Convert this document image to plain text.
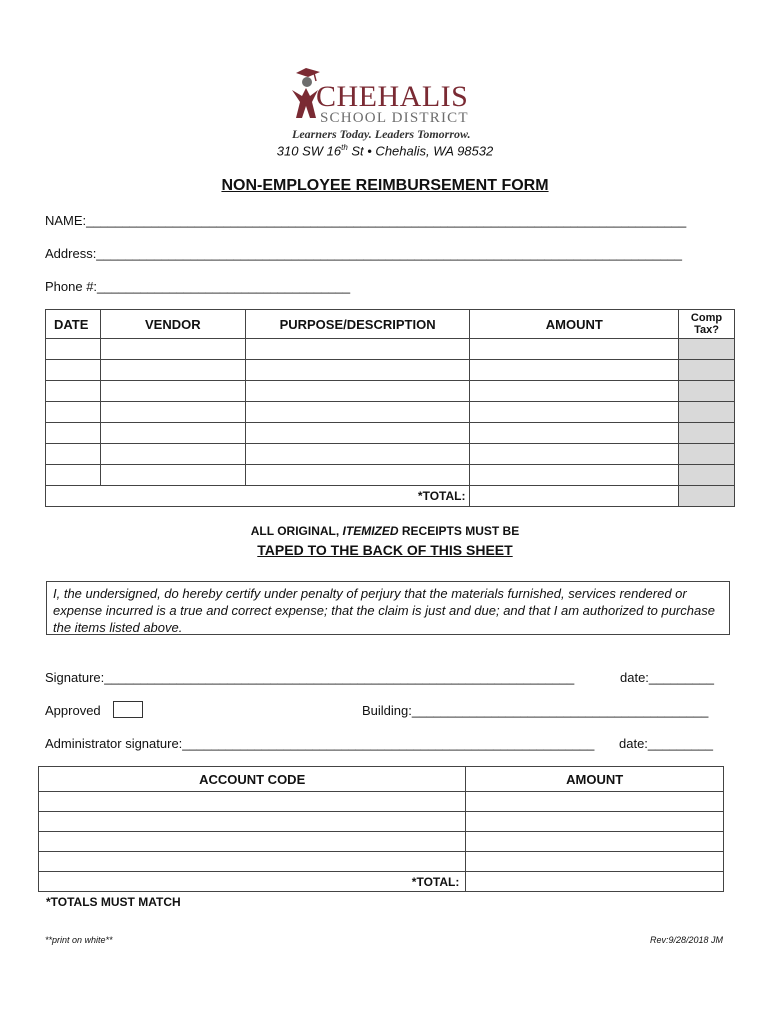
CHEHALIS
SCHOOL DISTRICT
Learners Today. Leaders Tomorrow.
310 SW 16th St • Chehalis, WA 98532
NON-EMPLOYEE REIMBURSEMENT FORM
NAME:___________________________________________________________________________________
Address:_________________________________________________________________________________
Phone #:___________________________________
DATE	VENDOR	PURPOSE/DESCRIPTION	AMOUNT	Comp
Tax?

*TOTAL:				
ALL ORIGINAL, ITEMIZED RECEIPTS MUST BE
TAPED TO THE BACK OF THIS SHEET
I, the undersigned, do hereby certify under penalty of perjury that the materials furnished, services rendered or expense incurred is a true and correct expense; that the claim is just and due; and that I am authorized to purchase the items listed above.
Signature:_________________________________________________________________	date:_________
Approved	Building:_________________________________________
Administrator signature:_________________________________________________________ date:_________
ACCOUNT CODE	AMOUNT

*TOTAL:	
*TOTALS MUST MATCH
**print on white**	Rev:9/28/2018 JM
